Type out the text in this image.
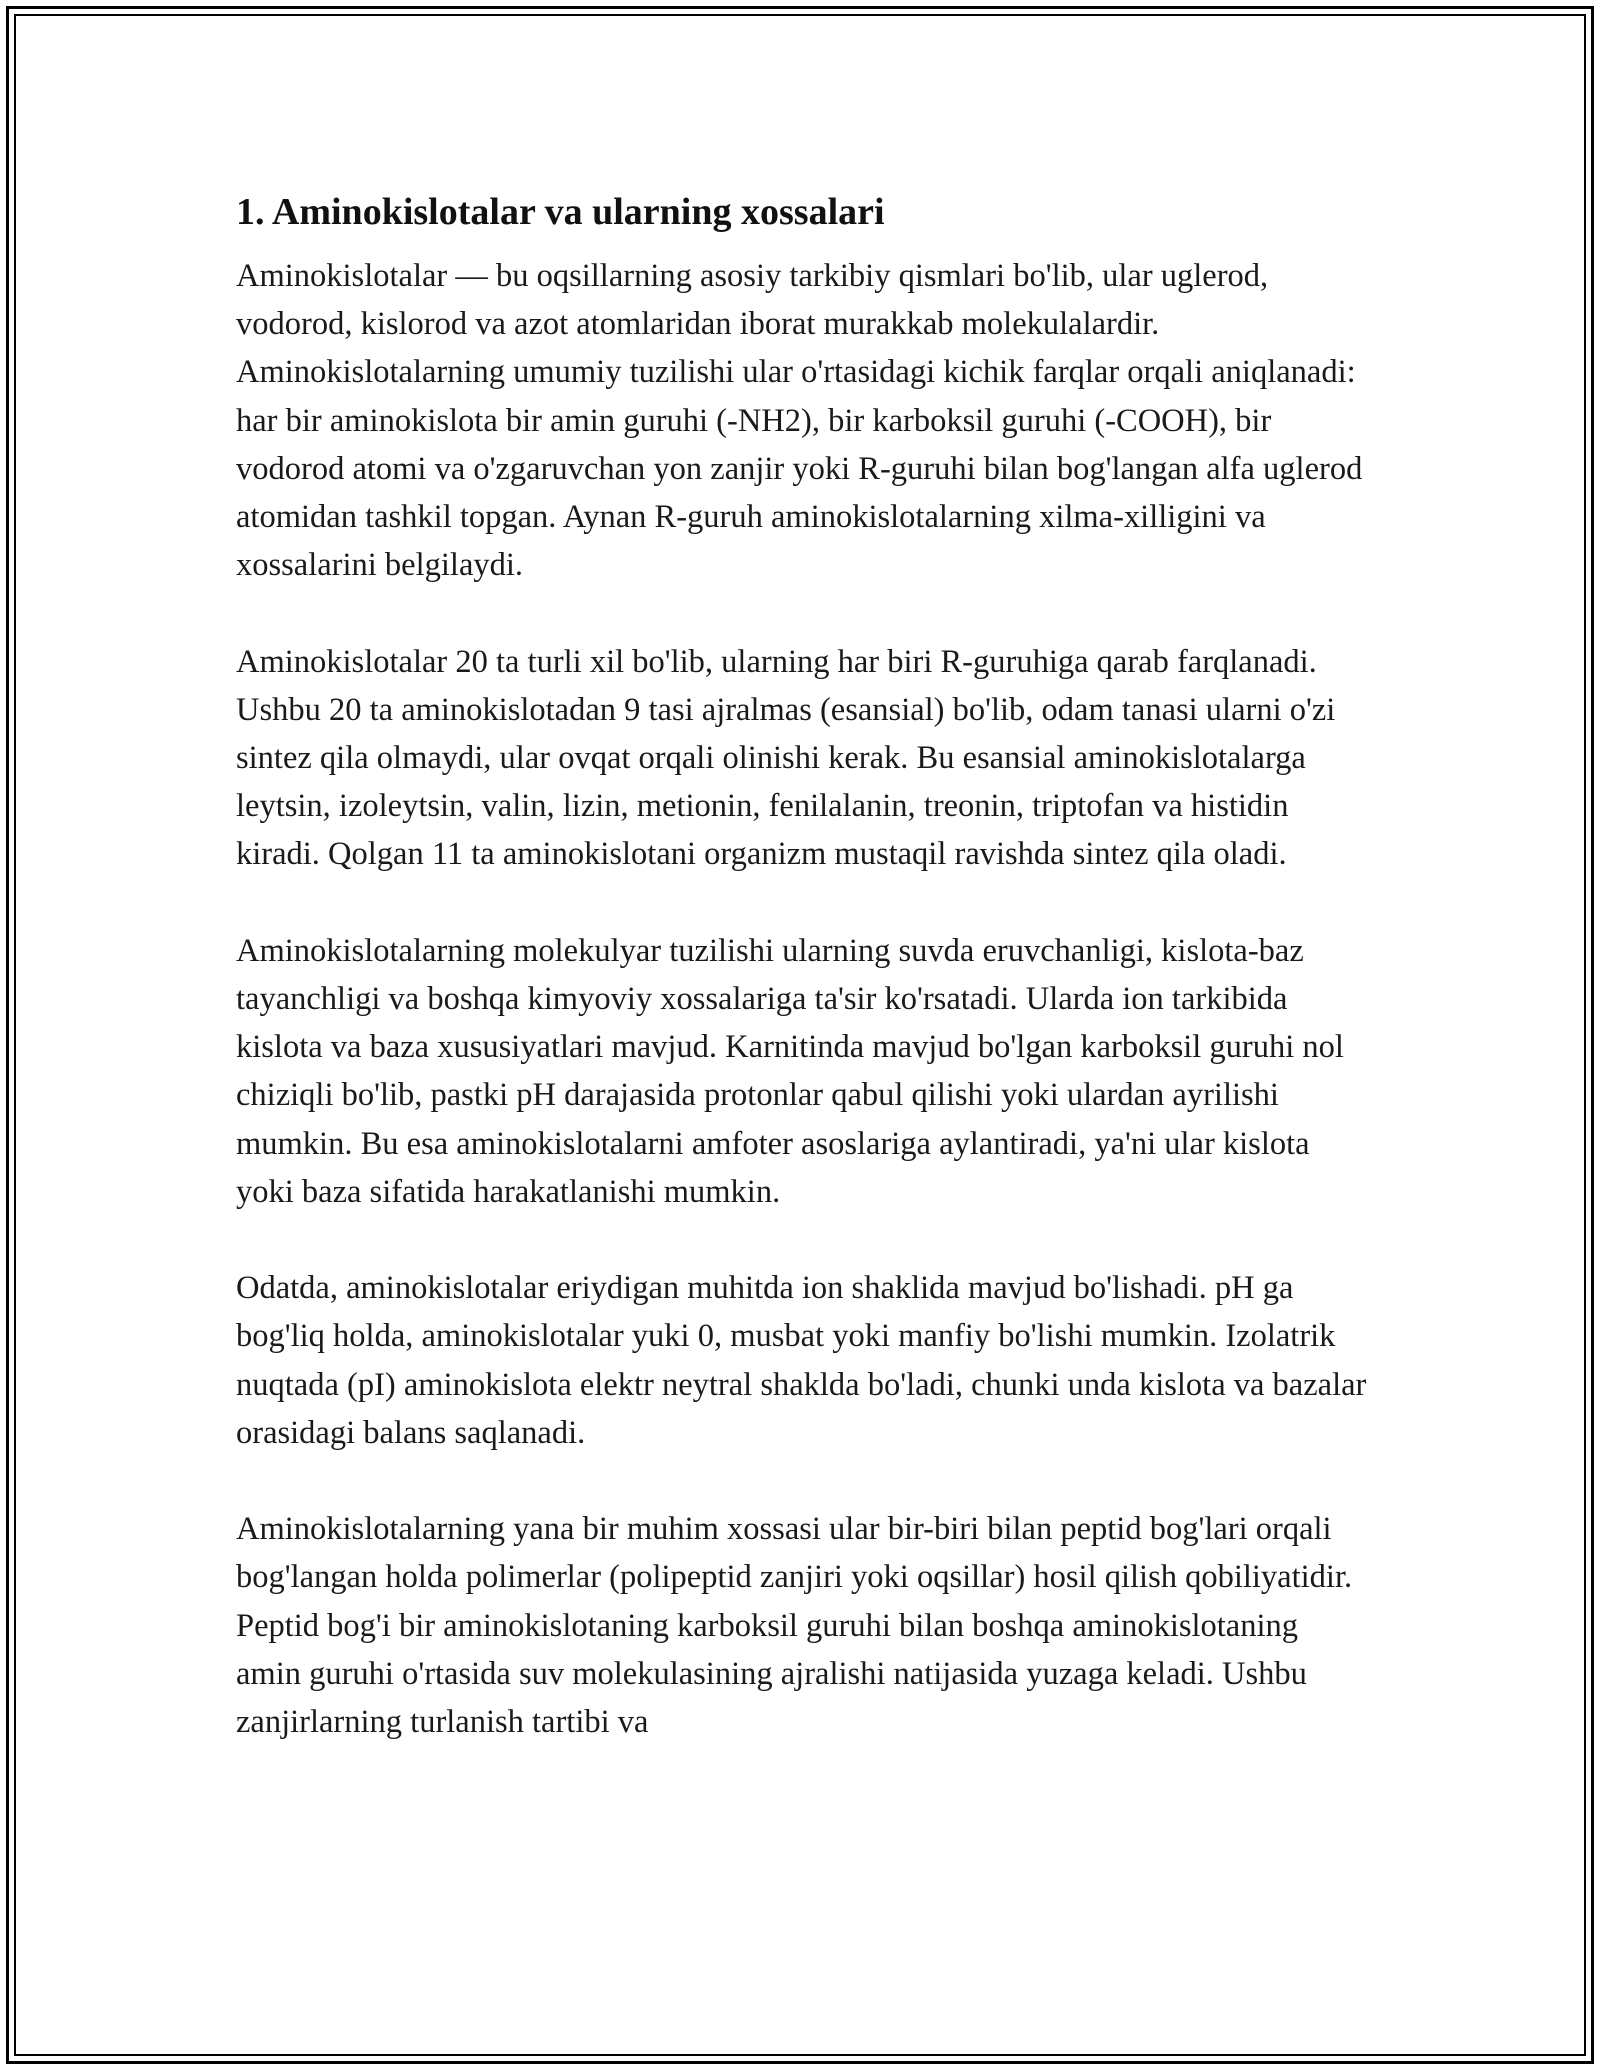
1. Aminokislotalar va ularning xossalari

Aminokislotalar — bu oqsillarning asosiy tarkibiy qismlari bo'lib, ular uglerod, vodorod, kislorod va azot atomlaridan iborat murakkab molekulalardir. Aminokislotalarning umumiy tuzilishi ular o'rtasidagi kichik farqlar orqali aniqlanadi: har bir aminokislota bir amin guruhi (-NH2), bir karboksil guruhi (-COOH), bir vodorod atomi va o'zgaruvchan yon zanjir yoki R-guruhi bilan bog'langan alfa uglerod atomidan tashkil topgan. Aynan R-guruh aminokislotalarning xilma-xilligini va xossalarini belgilaydi.

Aminokislotalar 20 ta turli xil bo'lib, ularning har biri R-guruhiga qarab farqlanadi. Ushbu 20 ta aminokislotadan 9 tasi ajralmas (esansial) bo'lib, odam tanasi ularni o'zi sintez qila olmaydi, ular ovqat orqali olinishi kerak. Bu esansial aminokislotalarga leytsin, izoleytsin, valin, lizin, metionin, fenilalanin, treonin, triptofan va histidin kiradi. Qolgan 11 ta aminokislotani organizm mustaqil ravishda sintez qila oladi.

Aminokislotalarning molekulyar tuzilishi ularning suvda eruvchanligi, kislota-baz tayanchligi va boshqa kimyoviy xossalariga ta'sir ko'rsatadi. Ularda ion tarkibida kislota va baza xususiyatlari mavjud. Karnitinda mavjud bo'lgan karboksil guruhi nol chiziqli bo'lib, pastki pH darajasida protonlar qabul qilishi yoki ulardan ayrilishi mumkin. Bu esa aminokislotalarni amfoter asoslariga aylantiradi, ya'ni ular kislota yoki baza sifatida harakatlanishi mumkin.

Odatda, aminokislotalar eriydigan muhitda ion shaklida mavjud bo'lishadi. pH ga bog'liq holda, aminokislotalar yuki 0, musbat yoki manfiy bo'lishi mumkin. Izolatrik nuqtada (pI) aminokislota elektr neytral shakldа bo'ladi, chunki unda kislota va bazalar orasidagi balans saqlanadi.

Aminokislotalarning yana bir muhim xossasi ular bir-biri bilan peptid bog'lari orqali bog'langan holda polimerlar (polipeptid zanjiri yoki oqsillar) hosil qilish qobiliyatidir. Peptid bog'i bir aminokislotaning karboksil guruhi bilan boshqa aminokislotaning amin guruhi o'rtasida suv molekulasining ajralishi natijasida yuzaga keladi. Ushbu zanjirlarning turlanish tartibi va
